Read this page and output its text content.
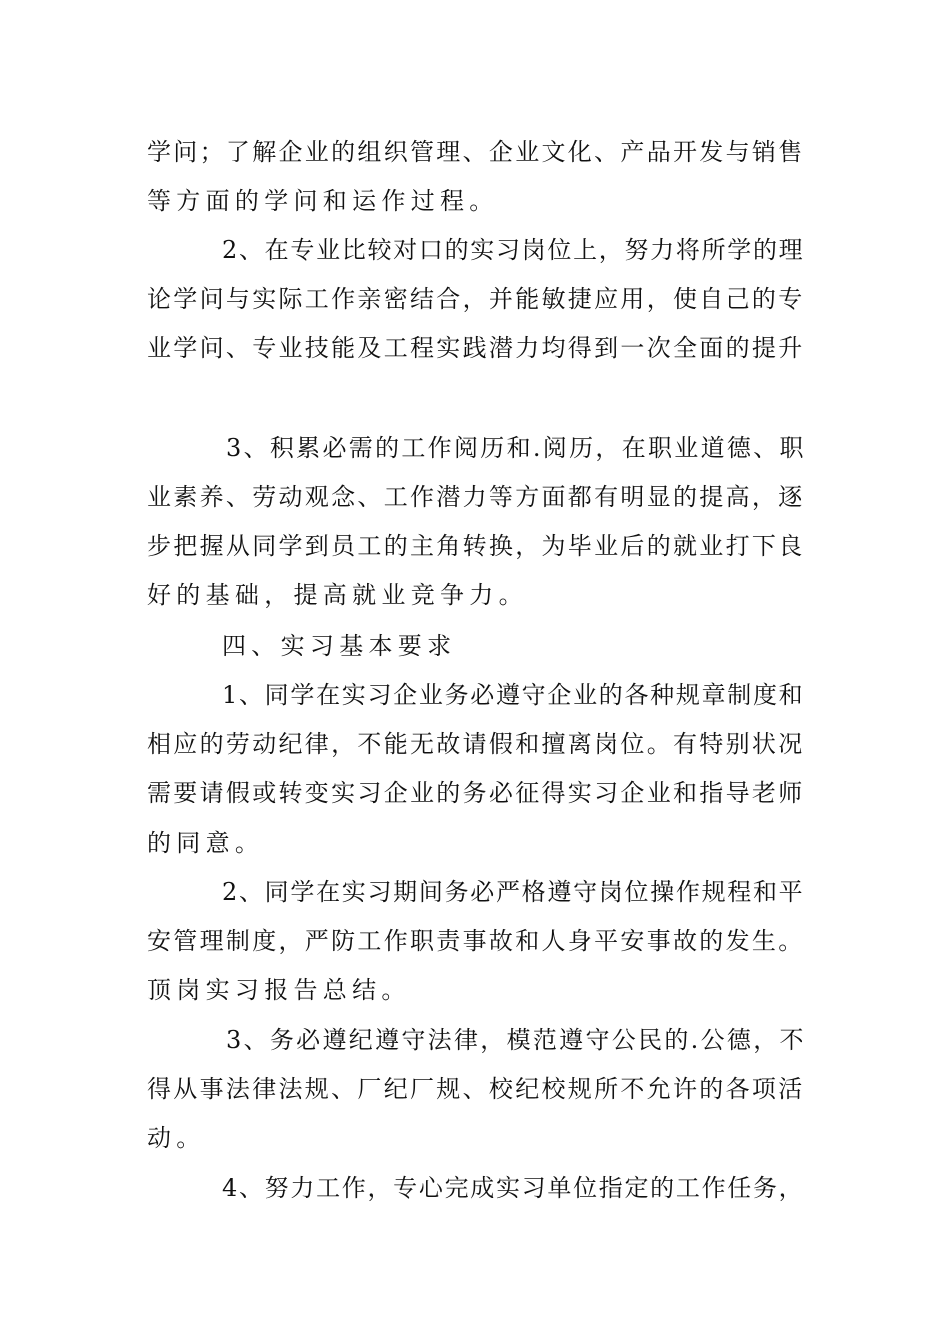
学问；了解企业的组织管理、企业文化、产品开发与销售
等方面的学问和运作过程。
2、在专业比较对口的实习岗位上，努力将所学的理
论学问与实际工作亲密结合，并能敏捷应用，使自己的专
业学问、专业技能及工程实践潜力均得到一次全面的提升
3、积累必需的工作阅历和.阅历，在职业道德、职
业素养、劳动观念、工作潜力等方面都有明显的提高，逐
步把握从同学到员工的主角转换，为毕业后的就业打下良
好的基础，提高就业竞争力。
四、实习基本要求
1、同学在实习企业务必遵守企业的各种规章制度和
相应的劳动纪律，不能无故请假和擅离岗位。有特别状况
需要请假或转变实习企业的务必征得实习企业和指导老师
的同意。
2、同学在实习期间务必严格遵守岗位操作规程和平
安管理制度，严防工作职责事故和人身平安事故的发生。
顶岗实习报告总结。
3、务必遵纪遵守法律，模范遵守公民的.公德，不
得从事法律法规、厂纪厂规、校纪校规所不允许的各项活
动。
4、努力工作，专心完成实习单位指定的工作任务，
